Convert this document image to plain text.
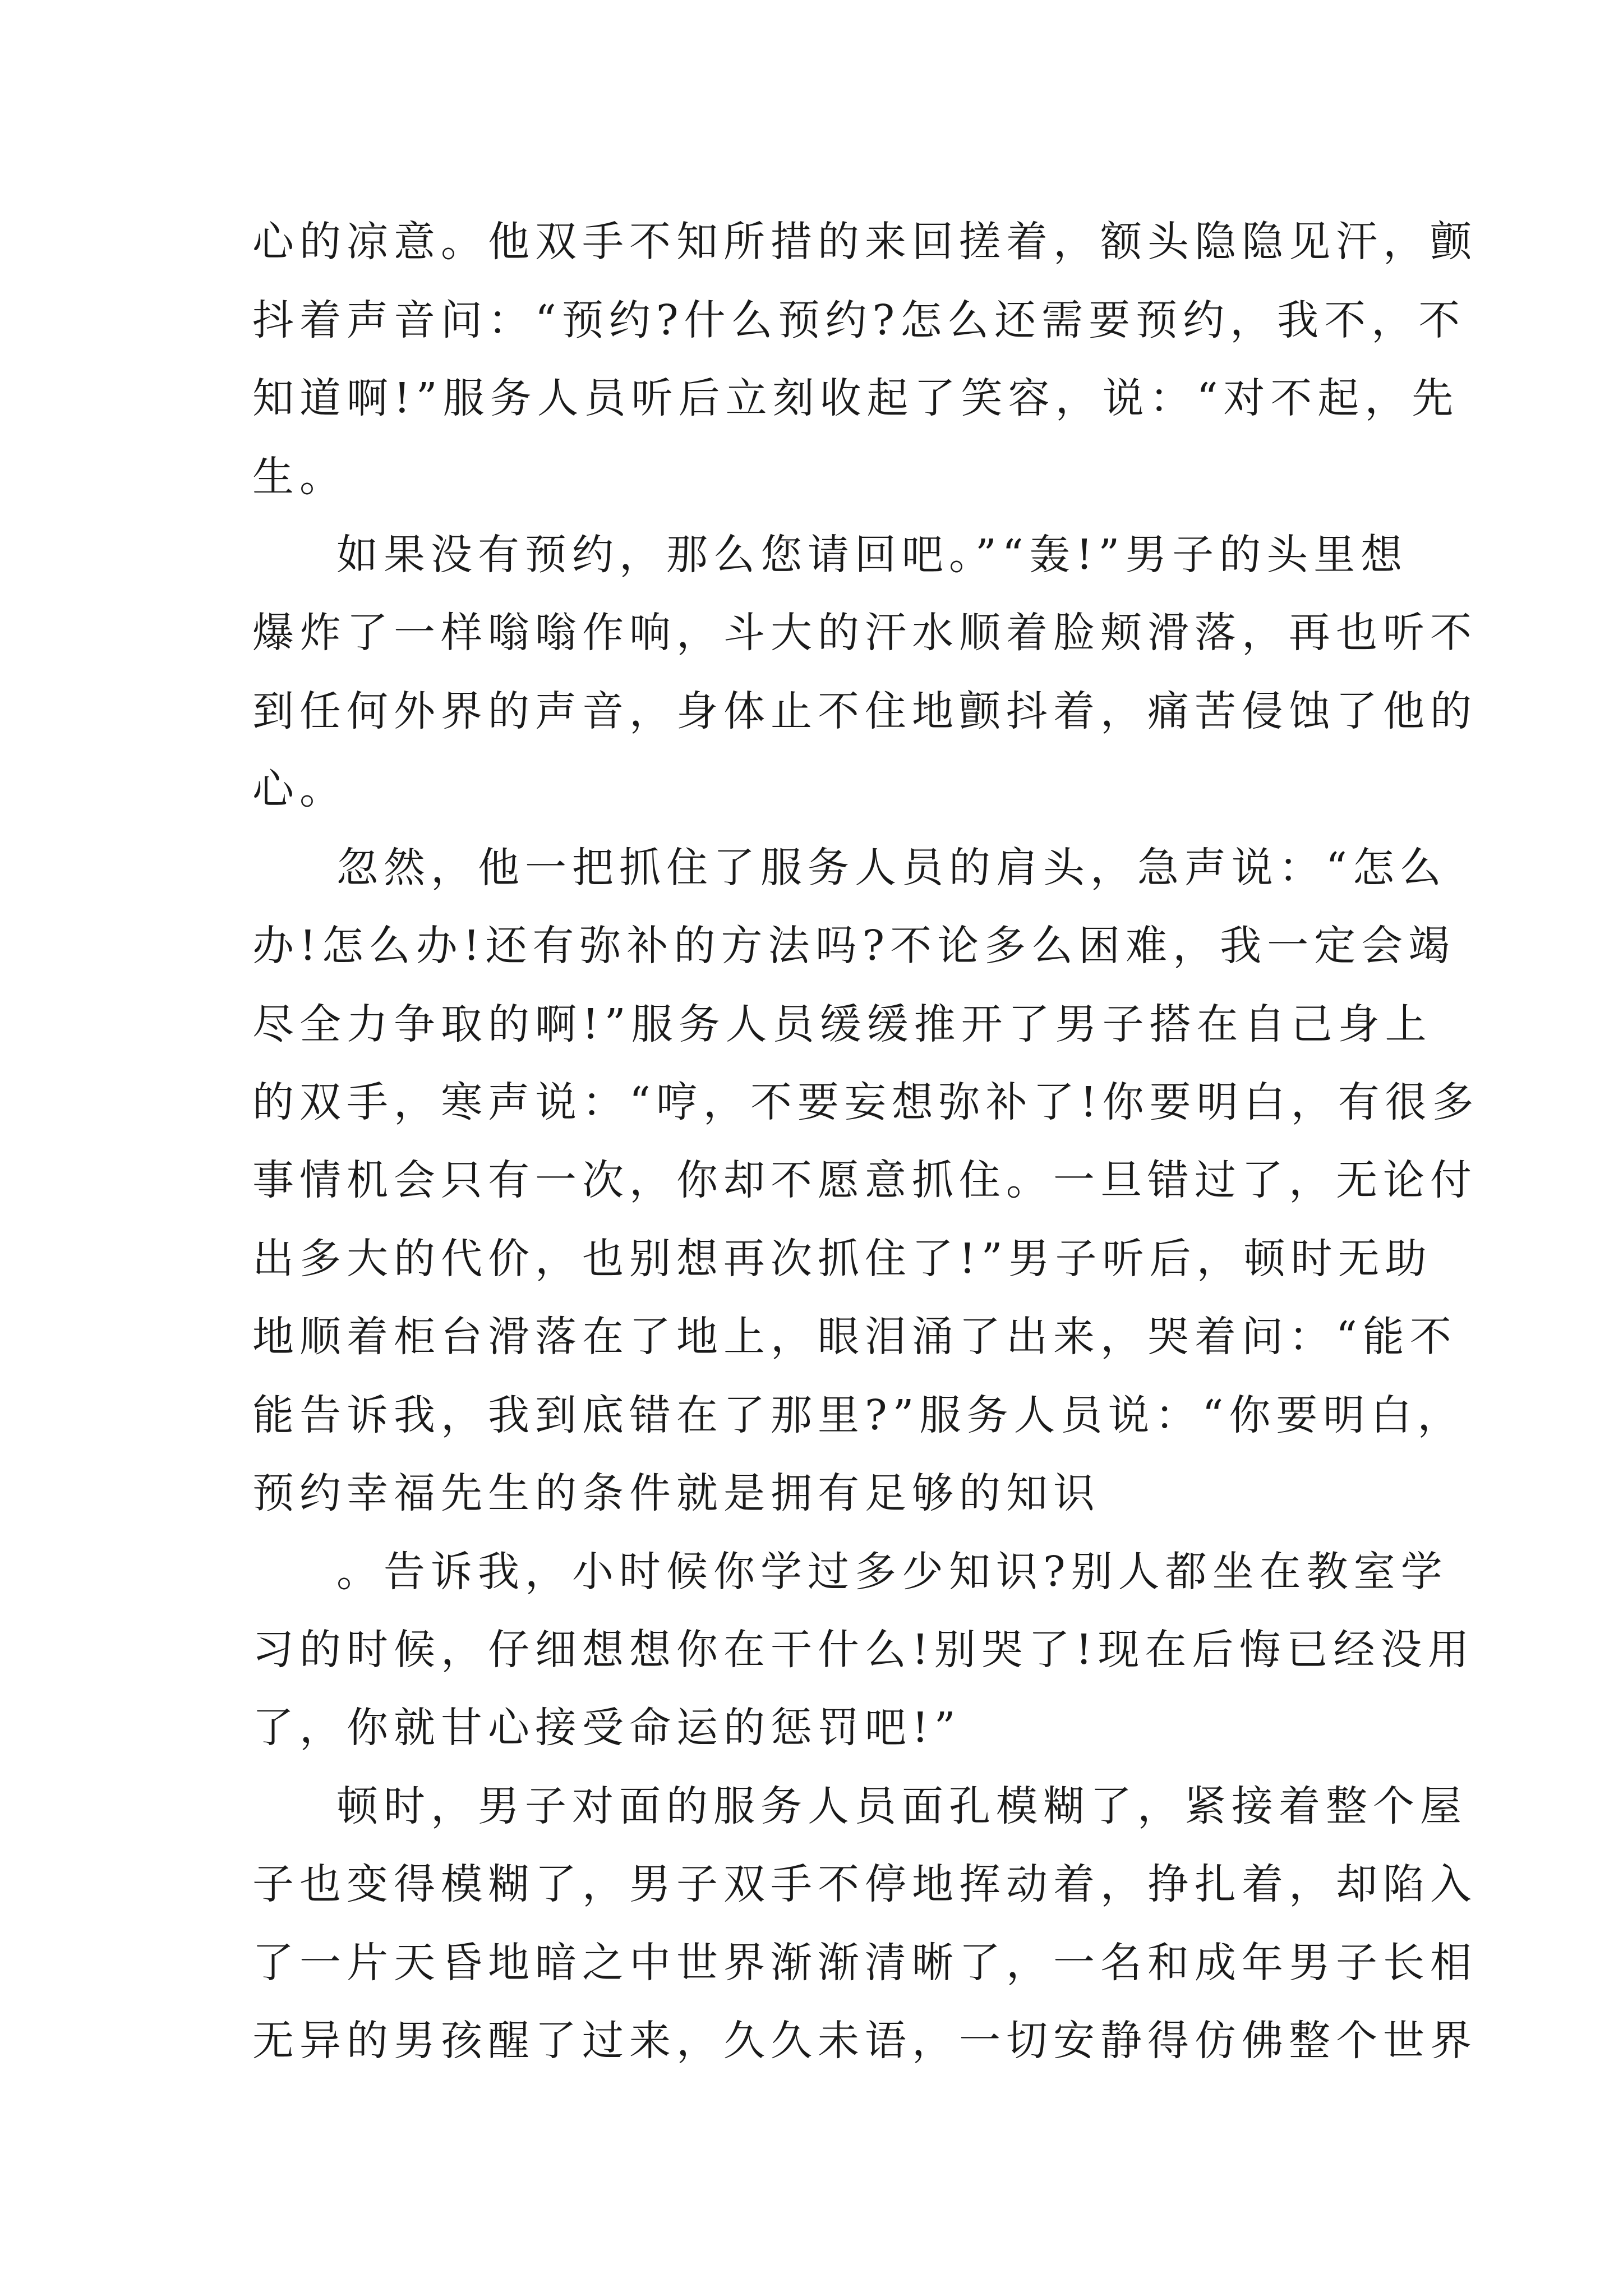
心的凉意。他双手不知所措的来回搓着，额头隐隐见汗，颤

抖着声音问：“预约?什么预约?怎么还需要预约，我不，不

知道啊!”服务人员听后立刻收起了笑容，说：“对不起，先

生。

如果没有预约，那么您请回吧。”“轰!”男子的头里想

爆炸了一样嗡嗡作响，斗大的汗水顺着脸颊滑落，再也听不

到任何外界的声音，身体止不住地颤抖着，痛苦侵蚀了他的

心。

忽然，他一把抓住了服务人员的肩头，急声说：“怎么

办!怎么办!还有弥补的方法吗?不论多么困难，我一定会竭

尽全力争取的啊!”服务人员缓缓推开了男子搭在自己身上

的双手，寒声说：“哼，不要妄想弥补了!你要明白，有很多

事情机会只有一次，你却不愿意抓住。一旦错过了，无论付

出多大的代价，也别想再次抓住了!”男子听后，顿时无助

地顺着柜台滑落在了地上，眼泪涌了出来，哭着问：“能不

能告诉我，我到底错在了那里?”服务人员说：“你要明白，

预约幸福先生的条件就是拥有足够的知识

。告诉我，小时候你学过多少知识?别人都坐在教室学

习的时候，仔细想想你在干什么!别哭了!现在后悔已经没用

了，你就甘心接受命运的惩罚吧!”

顿时，男子对面的服务人员面孔模糊了，紧接着整个屋

子也变得模糊了，男子双手不停地挥动着，挣扎着，却陷入

了一片天昏地暗之中世界渐渐清晰了，一名和成年男子长相

无异的男孩醒了过来，久久未语，一切安静得仿佛整个世界
